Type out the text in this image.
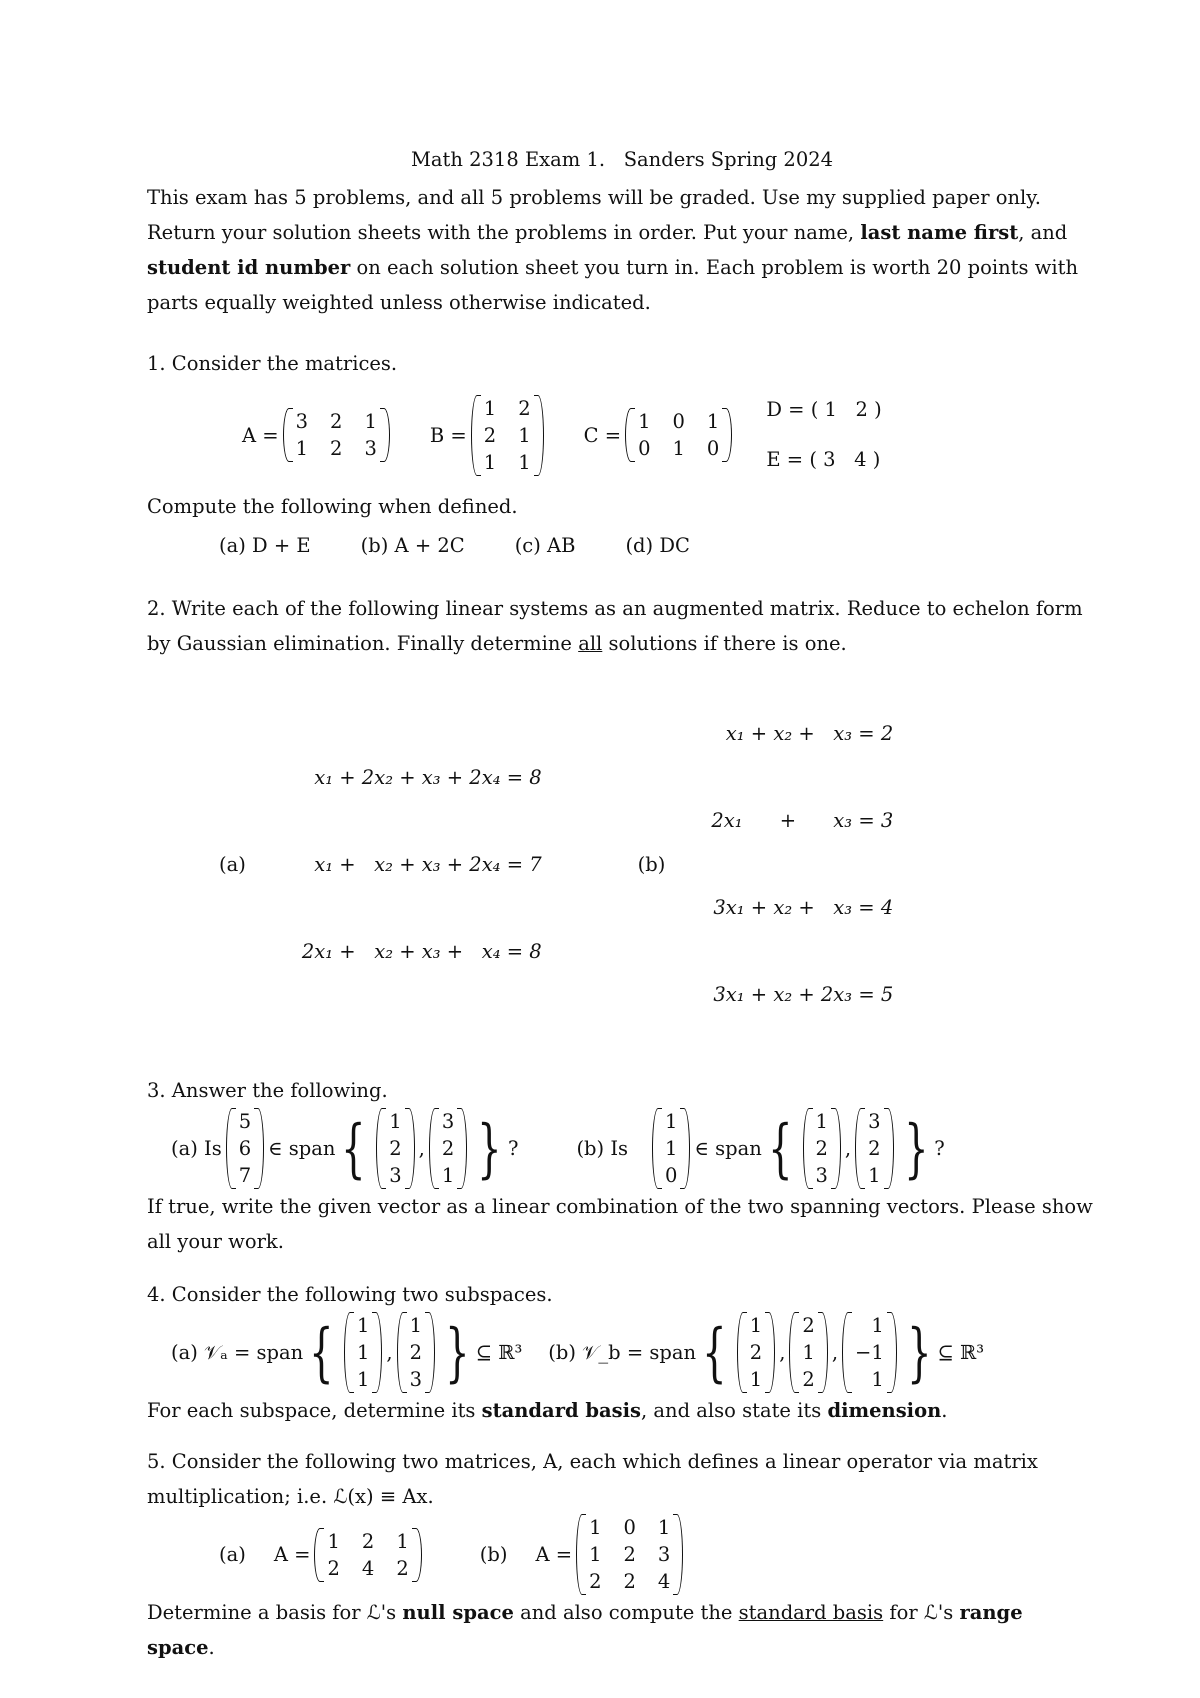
Math 2318 Exam 1.   Sanders Spring 2024

This exam has 5 problems, and all 5 problems will be graded. Use my supplied paper only. Return your solution sheets with the problems in order. Put your name, last name first, and student id number on each solution sheet you turn in. Each problem is worth 20 points with parts equally weighted unless otherwise indicated.

1. Consider the matrices.

A =
3 2 1
1 2 3
B =
1 2
2 1
1 1
C =
1 0 1
0 1 0
D = ( 1   2 )
E = ( 3   4 )

Compute the following when defined.

(a) D + E	(b) A + 2C	(c) AB	(d) DC

2. Write each of the following linear systems as an augmented matrix. Reduce to echelon form by Gaussian elimination. Finally determine all solutions if there is one.

(a)

x₁ + 2x₂ + x₃ + 2x₄ = 8

x₁ +   x₂ + x₃ + 2x₄ = 7

2x₁ +   x₂ + x₃ +   x₄ = 8

(b)

x₁ + x₂ +   x₃ = 2

2x₁      +      x₃ = 3

3x₁ + x₂ +   x₃ = 4

3x₁ + x₂ + 2x₃ = 5

3. Answer the following.

(a) Is
5
6
7
∈ span { 1
2
3
,
3
2
1 } ?	(b) Is
1
1
0
∈ span { 1
2
3
,
3
2
1 } ?

If true, write the given vector as a linear combination of the two spanning vectors. Please show all your work.

4. Consider the following two subspaces.

(a) 𝒱ₐ = span { 1
1
1
,
1
2
3 } ⊆ ℝ³ (b) 𝒱_b = span { 1
2
1
,
2
1
2
,
1
−1
1 } ⊆ ℝ³

For each subspace, determine its standard basis, and also state its dimension.

5. Consider the following two matrices, A, each which defines a linear operator via matrix multiplication; i.e. ℒ(x) ≡ Ax.

(a) A =
1 2 1
2 4 2
(b) A =
1 0 1
1 2 3
2 2 4

Determine a basis for ℒ's null space and also compute the standard basis for ℒ's range space.
